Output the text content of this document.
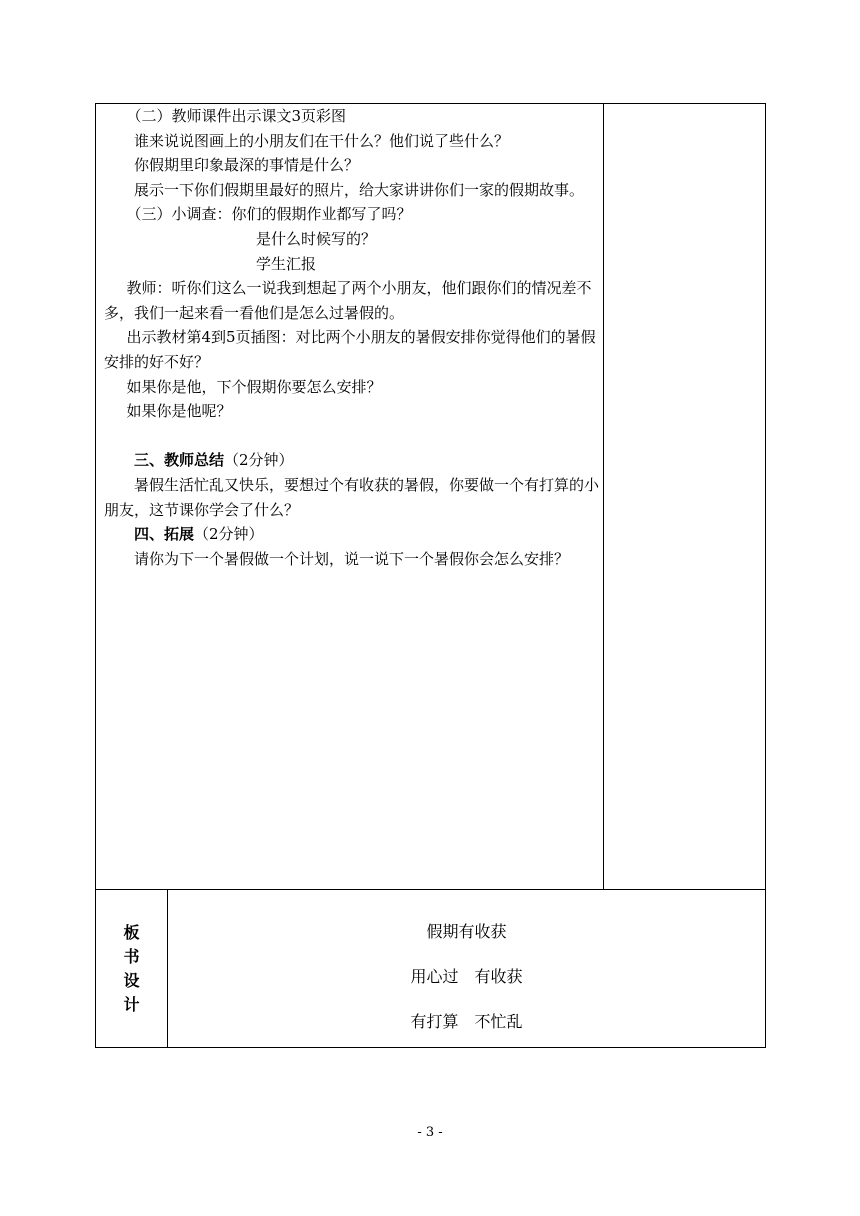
（二）教师课件出示课文3页彩图

谁来说说图画上的小朋友们在干什么？他们说了些什么？

你假期里印象最深的事情是什么？

展示一下你们假期里最好的照片，给大家讲讲你们一家的假期故事。

（三）小调查：你们的假期作业都写了吗？

是什么时候写的？

学生汇报

教师：听你们这么一说我到想起了两个小朋友，他们跟你们的情况差不多，我们一起来看一看他们是怎么过暑假的。

出示教材第4到5页插图：对比两个小朋友的暑假安排你觉得他们的暑假安排的好不好？

如果你是他，下个假期你要怎么安排？

如果你是他呢？

三、教师总结（2分钟）

暑假生活忙乱又快乐，要想过个有收获的暑假，你要做一个有打算的小朋友，这节课你学会了什么？

四、拓展（2分钟）

请你为下一个暑假做一个计划，说一说下一个暑假你会怎么安排？

板
书
设
计
假期有收获
用心过　有收获
有打算　不忙乱
- 3 -
